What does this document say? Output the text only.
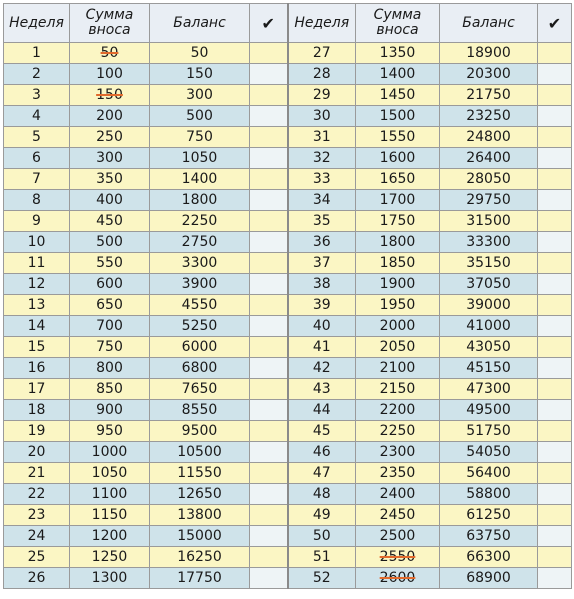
Неделя	Сумма вноса	Баланс	✔	Неделя	Сумма вноса	Баланс	✔
1	50	50		27	1350	18900	
2	100	150		28	1400	20300	
3	150	300		29	1450	21750	
4	200	500		30	1500	23250	
5	250	750		31	1550	24800	
6	300	1050		32	1600	26400	
7	350	1400		33	1650	28050	
8	400	1800		34	1700	29750	
9	450	2250		35	1750	31500	
10	500	2750		36	1800	33300	
11	550	3300		37	1850	35150	
12	600	3900		38	1900	37050	
13	650	4550		39	1950	39000	
14	700	5250		40	2000	41000	
15	750	6000		41	2050	43050	
16	800	6800		42	2100	45150	
17	850	7650		43	2150	47300	
18	900	8550		44	2200	49500	
19	950	9500		45	2250	51750	
20	1000	10500		46	2300	54050	
21	1050	11550		47	2350	56400	
22	1100	12650		48	2400	58800	
23	1150	13800		49	2450	61250	
24	1200	15000		50	2500	63750	
25	1250	16250		51	2550	66300	
26	1300	17750		52	2600	68900	
